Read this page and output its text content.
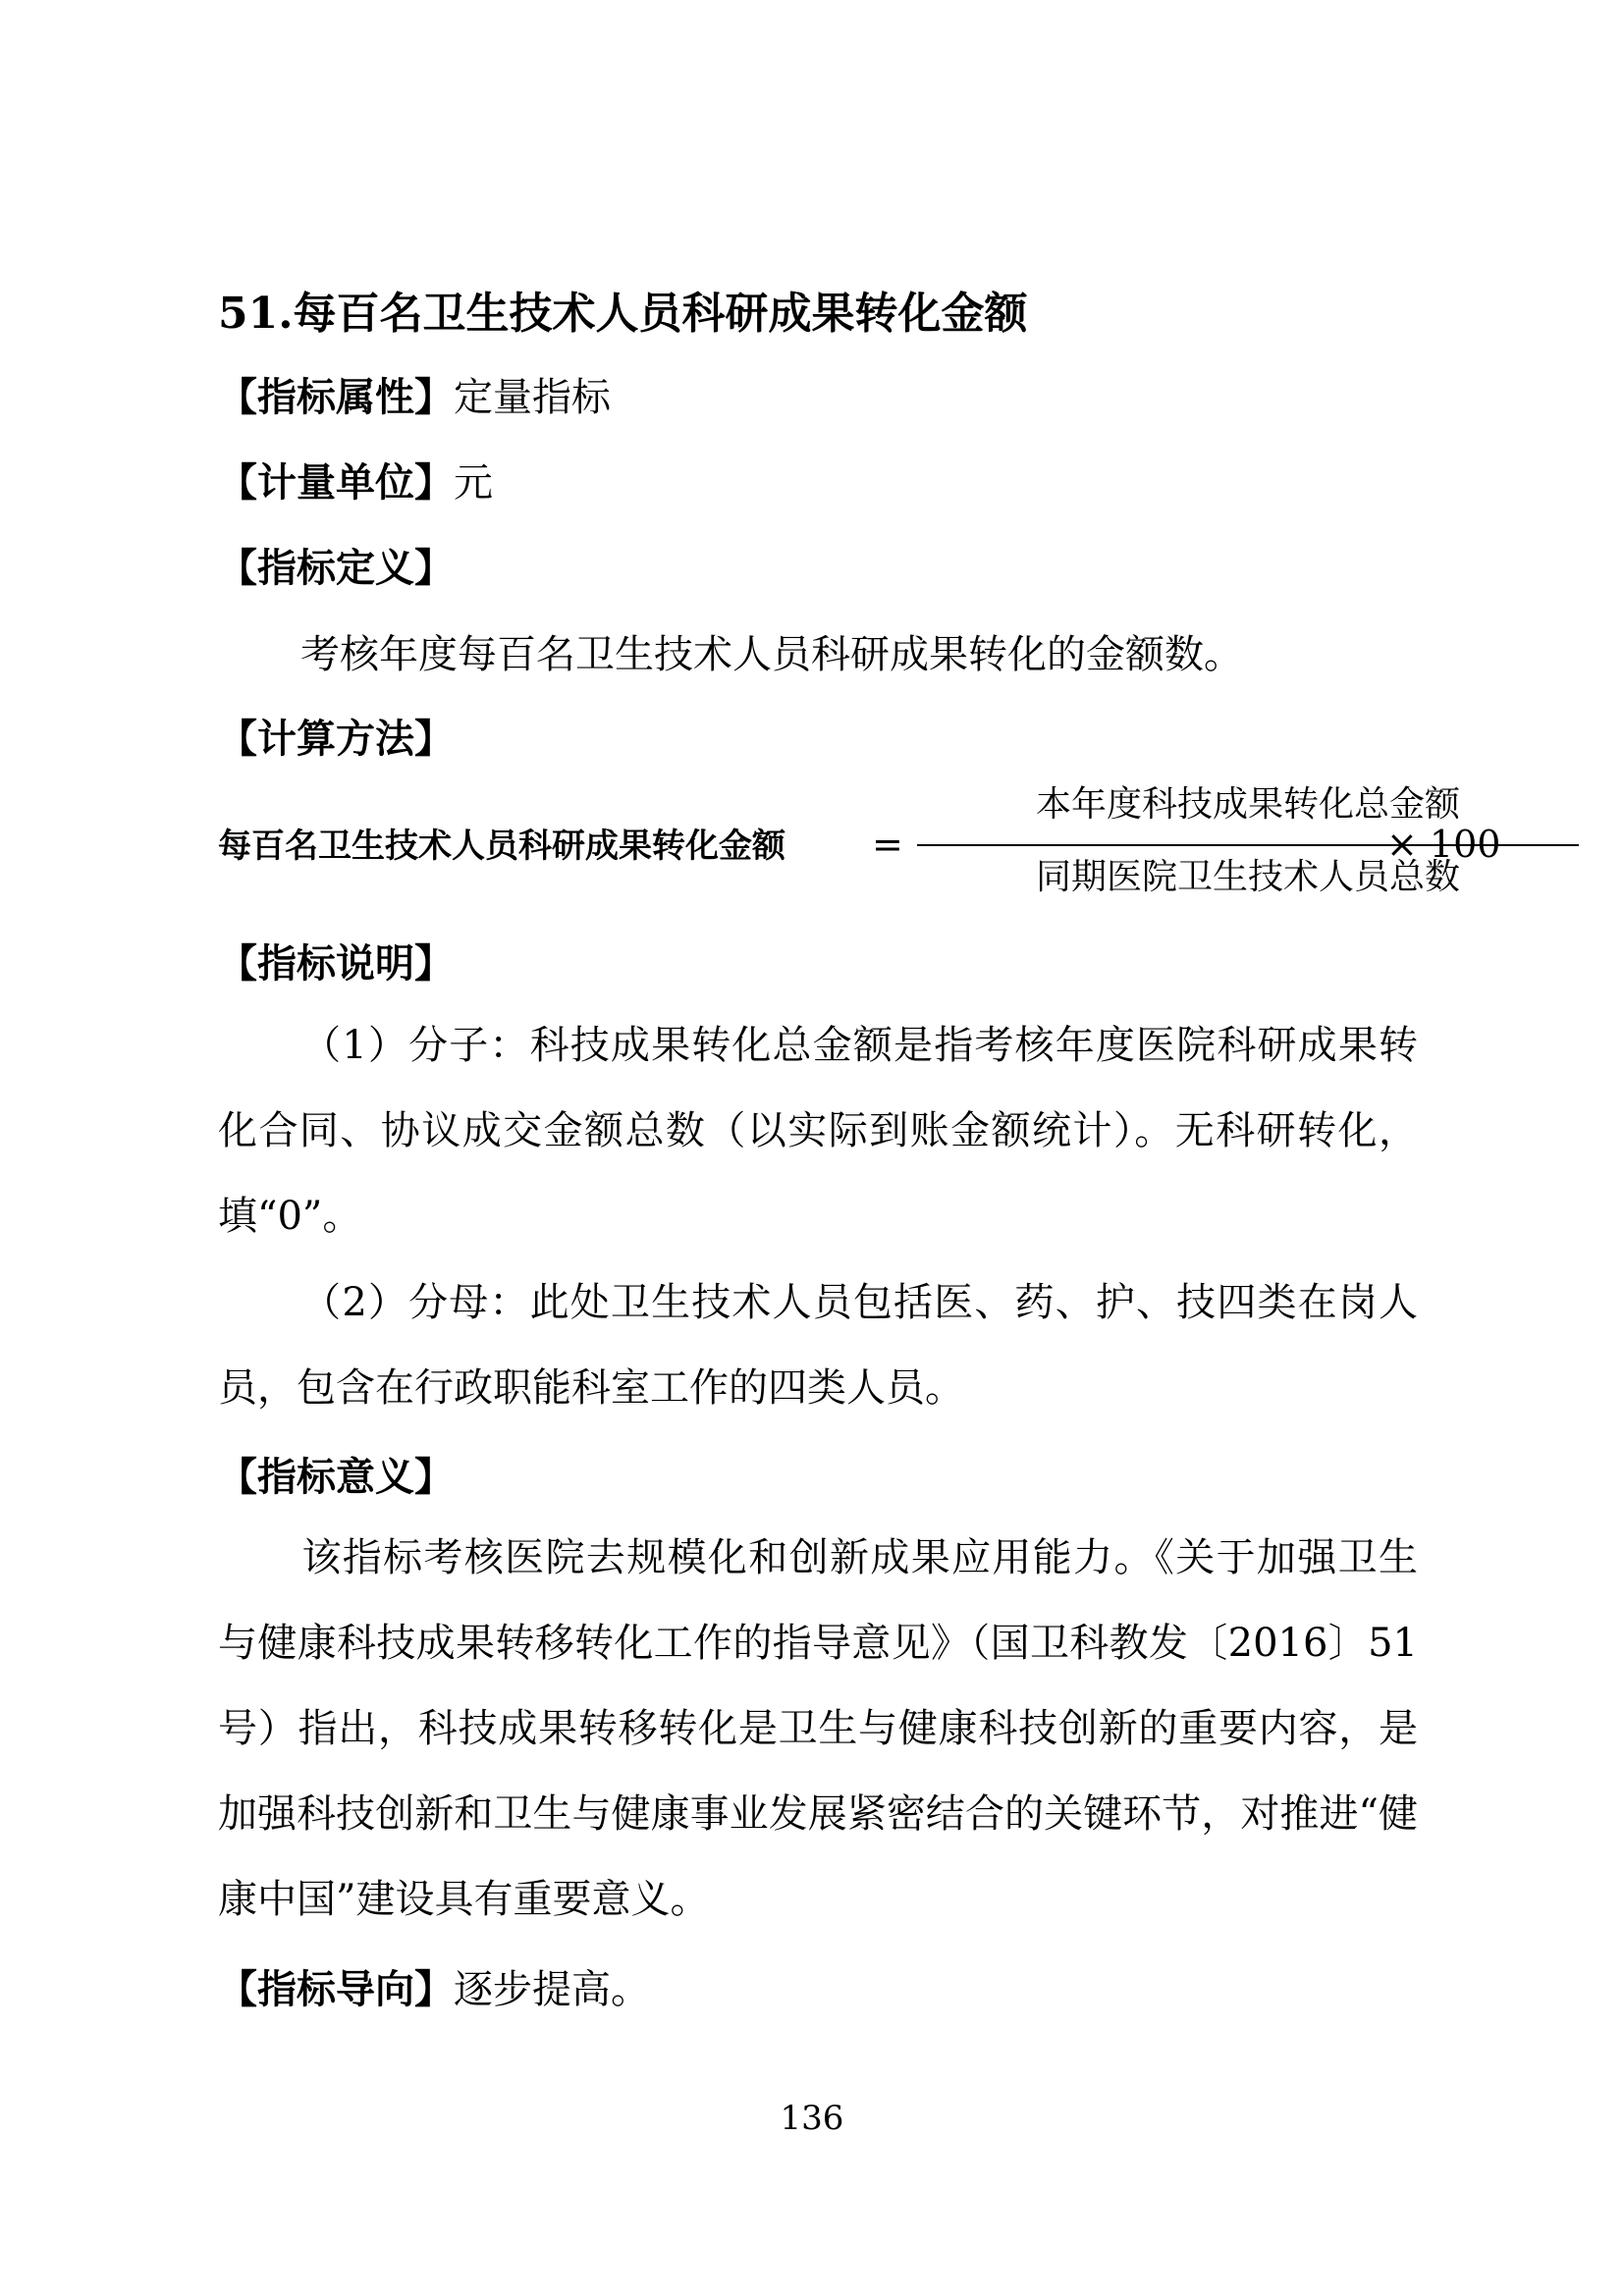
51.每百名卫生技术人员科研成果转化金额
【指标属性】定量指标
【计量单位】元
【指标定义】
考核年度每百名卫生技术人员科研成果转化的金额数。
【计算方法】
每百名卫生技术人员科研成果转化金额 =
本年度科技成果转化总金额
同期医院卫生技术人员总数
× 100
【指标说明】
（1）分子：科技成果转化总金额是指考核年度医院科研成果转化合同、协议成交金额总数（以实际到账金额统计）。无科研转化，填“0”。
（2）分母：此处卫生技术人员包括医、药、护、技四类在岗人员，包含在行政职能科室工作的四类人员。
【指标意义】
该指标考核医院去规模化和创新成果应用能力。《关于加强卫生与健康科技成果转移转化工作的指导意见》（国卫科教发〔2016〕51号）指出，科技成果转移转化是卫生与健康科技创新的重要内容，是加强科技创新和卫生与健康事业发展紧密结合的关键环节，对推进“健康中国”建设具有重要意义。
【指标导向】逐步提高。
136
